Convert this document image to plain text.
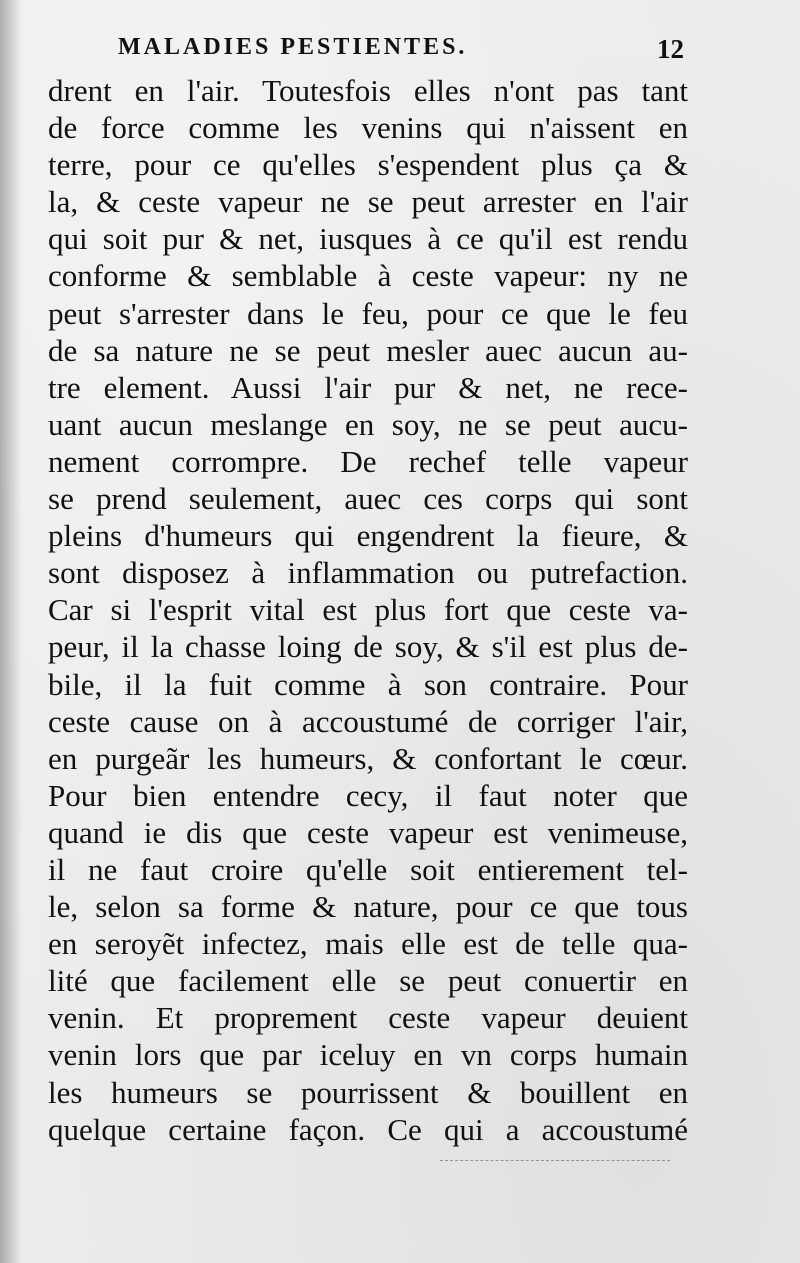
MALADIES PESTIENTES.	12
drent en l'air. Toutesfois elles n'ont pas tant
de force comme les venins qui n'aissent en
terre, pour ce qu'elles s'espendent plus ça &
la, & ceste vapeur ne se peut arrester en l'air
qui soit pur & net, iusques à ce qu'il est rendu
conforme & semblable à ceste vapeur: ny ne
peut s'arrester dans le feu, pour ce que le feu
de sa nature ne se peut mesler auec aucun au-
tre element. Aussi l'air pur & net, ne rece-
uant aucun meslange en soy, ne se peut aucu-
nement corrompre. De rechef telle vapeur
se prend seulement, auec ces corps qui sont
pleins d'humeurs qui engendrent la fieure, &
sont disposez à inflammation ou putrefaction.
Car si l'esprit vital est plus fort que ceste va-
peur, il la chasse loing de soy, & s'il est plus de-
bile, il la fuit comme à son contraire. Pour
ceste cause on à accoustumé de corriger l'air,
en purgeãr les humeurs, & confortant le cœur.
Pour bien entendre cecy, il faut noter que
quand ie dis que ceste vapeur est venimeuse,
il ne faut croire qu'elle soit entierement tel-
le, selon sa forme & nature, pour ce que tous
en seroyẽt infectez, mais elle est de telle qua-
lité que facilement elle se peut conuertir en
venin. Et proprement ceste vapeur deuient
venin lors que par iceluy en vn corps humain
les humeurs se pourrissent & bouillent en
quelque certaine façon. Ce qui a accoustumé
